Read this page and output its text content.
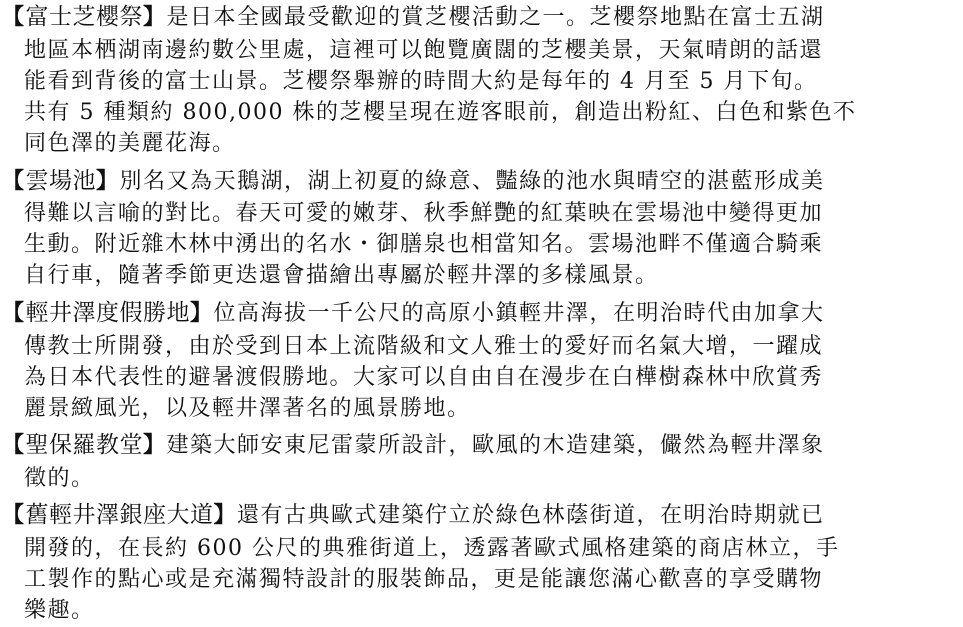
【富士芝櫻祭】是日本全國最受歡迎的賞芝櫻活動之一。芝櫻祭地點在富士五湖
地區本栖湖南邊約數公里處，這裡可以飽覽廣闊的芝櫻美景，天氣晴朗的話還
能看到背後的富士山景。芝櫻祭舉辦的時間大約是每年的 4 月至 5 月下旬。
共有 5 種類約 800,000 株的芝櫻呈現在遊客眼前，創造出粉紅、白色和紫色不
同色澤的美麗花海。
【雲場池】別名又為天鵝湖，湖上初夏的綠意、豔綠的池水與晴空的湛藍形成美
得難以言喻的對比。春天可愛的嫩芽、秋季鮮艷的紅葉映在雲場池中變得更加
生動。附近雜木林中湧出的名水・御膳泉也相當知名。雲場池畔不僅適合騎乘
自行車，隨著季節更迭還會描繪出專屬於輕井澤的多樣風景。
【輕井澤度假勝地】位高海拔一千公尺的高原小鎮輕井澤，在明治時代由加拿大
傳教士所開發，由於受到日本上流階級和文人雅士的愛好而名氣大增，一躍成
為日本代表性的避暑渡假勝地。大家可以自由自在漫步在白樺樹森林中欣賞秀
麗景緻風光，以及輕井澤著名的風景勝地。
【聖保羅教堂】建築大師安東尼雷蒙所設計，歐風的木造建築，儼然為輕井澤象
徵的。
【舊輕井澤銀座大道】還有古典歐式建築佇立於綠色林蔭街道，在明治時期就已
開發的，在長約 600 公尺的典雅街道上，透露著歐式風格建築的商店林立，手
工製作的點心或是充滿獨特設計的服裝飾品，更是能讓您滿心歡喜的享受購物
樂趣。
